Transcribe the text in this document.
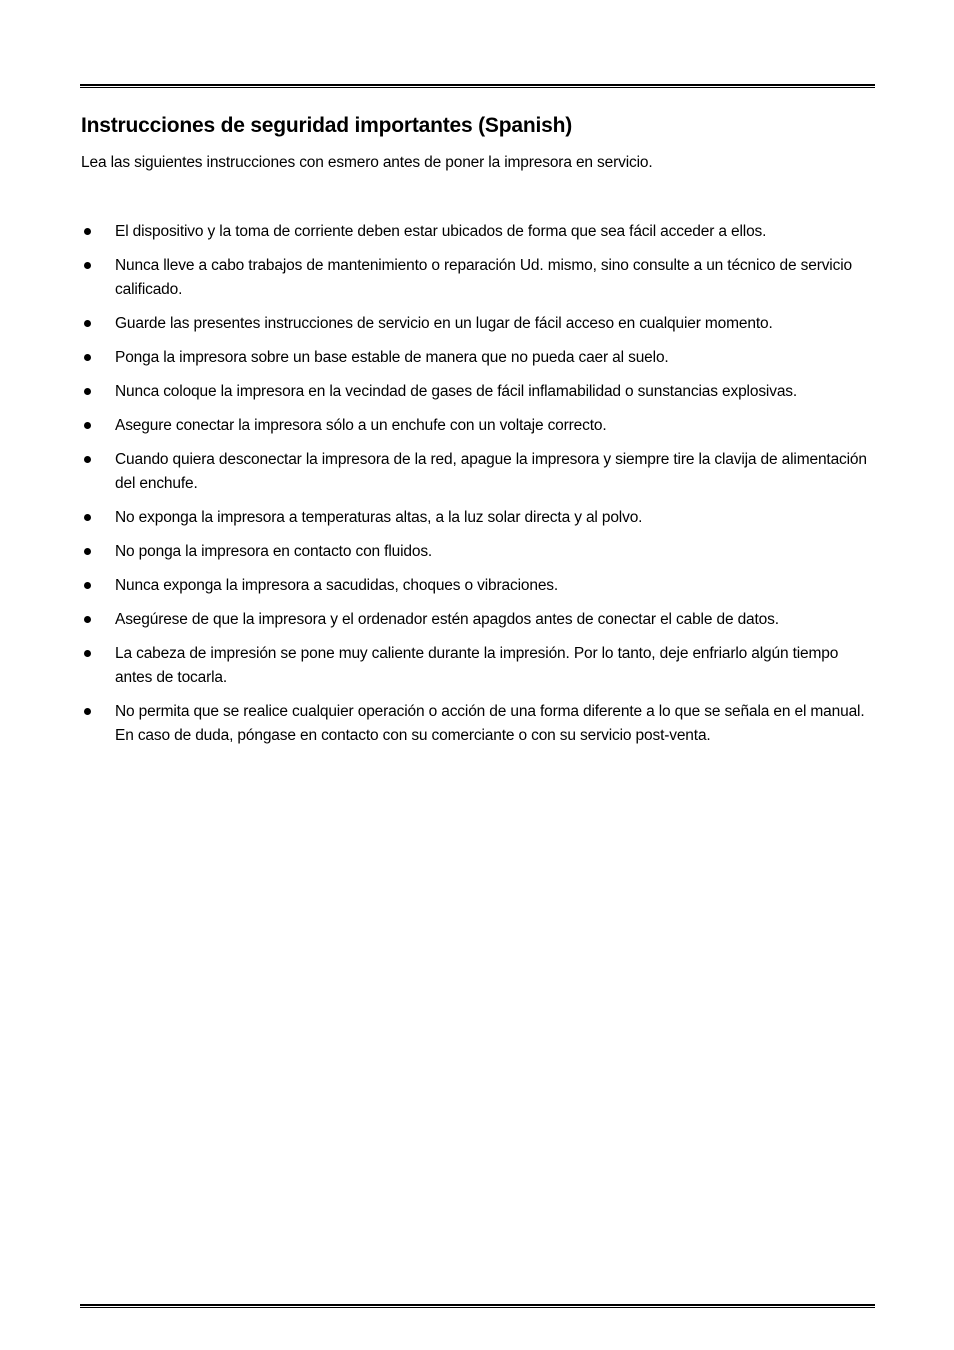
Instrucciones de seguridad importantes (Spanish)

Lea las siguientes instrucciones con esmero antes de poner la impresora en servicio.

El dispositivo y la toma de corriente deben estar ubicados de forma que sea fácil acceder a ellos.
Nunca lleve a cabo trabajos de mantenimiento o reparación Ud. mismo, sino consulte a un técnico de servicio calificado.
Guarde las presentes instrucciones de servicio en un lugar de fácil acceso en cualquier momento.
Ponga la impresora sobre un base estable de manera que no pueda caer al suelo.
Nunca coloque la impresora en la vecindad de gases de fácil inflamabilidad o sunstancias explosivas.
Asegure conectar la impresora sólo a un enchufe con un voltaje correcto.
Cuando quiera desconectar la impresora de la red, apague la impresora y siempre tire la clavija de alimentación del enchufe.
No exponga la impresora a temperaturas altas, a la luz solar directa y al polvo.
No ponga la impresora en contacto con fluidos.
Nunca exponga la impresora a sacudidas, choques o vibraciones.
Asegúrese de que la impresora y el ordenador estén apagdos antes de conectar el cable de datos.
La cabeza de impresión se pone muy caliente durante la impresión. Por lo tanto, deje enfriarlo algún tiempo antes de tocarla.
No permita que se realice cualquier operación o acción de una forma diferente a lo que se señala en el manual. En caso de duda, póngase en contacto con su comerciante o con su servicio post-venta.
